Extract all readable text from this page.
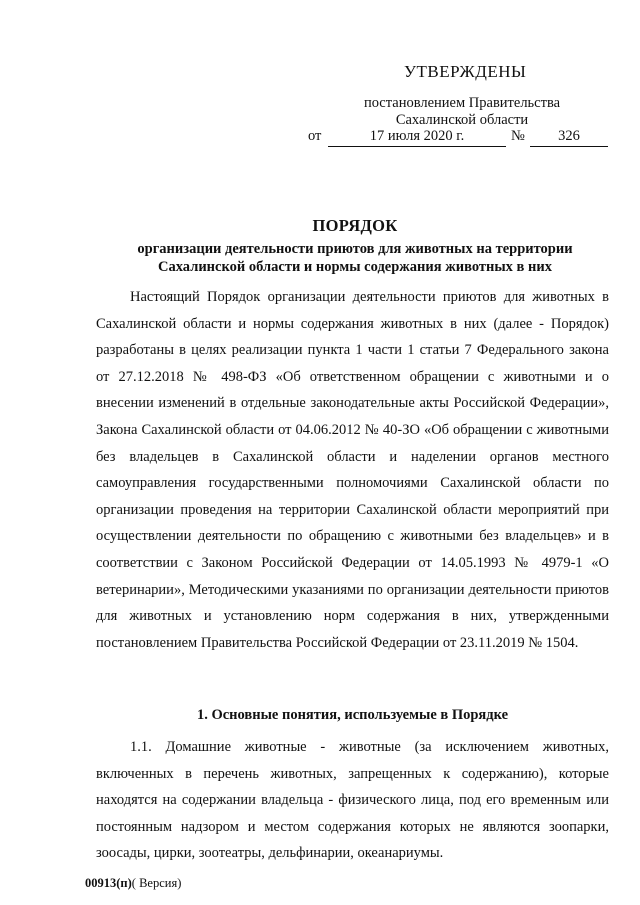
УТВЕРЖДЕНЫ
постановлением Правительства
Сахалинской области
от	17 июля 2020 г.	№	326
ПОРЯДОК
организации деятельности приютов для животных на территории
Сахалинской области и нормы содержания животных в них

Настоящий Порядок организации деятельности приютов для животных в Сахалинской области и нормы содержания животных в них (далее - Порядок) разработаны в целях реализации пункта 1 части 1 статьи 7 Федерального закона от 27.12.2018 № 498-ФЗ «Об ответственном обращении с животными и о внесении изменений в отдельные законодательные акты Российской Федерации», Закона Сахалинской области от 04.06.2012 № 40-ЗО «Об обращении с животными без владельцев в Сахалинской области и наделении органов местного самоуправления государственными полномочиями Сахалинской области по организации проведения на территории Сахалинской области мероприятий при осуществлении деятельности по обращению с животными без владельцев» и в соответствии с Законом Российской Федерации от 14.05.1993 № 4979-1 «О ветеринарии», Методическими указаниями по организации деятельности приютов для животных и установлению норм содержания в них, утвержденными постановлением Правительства Российской Федерации от 23.11.2019 № 1504.

1. Основные понятия, используемые в Порядке

1.1. Домашние животные - животные (за исключением животных, включенных в перечень животных, запрещенных к содержанию), которые находятся на содержании владельца - физического лица, под его временным или постоянным надзором и местом содержания которых не являются зоопарки, зоосады, цирки, зоотеатры, дельфинарии, океанариумы.

00913(п)( Версия)
